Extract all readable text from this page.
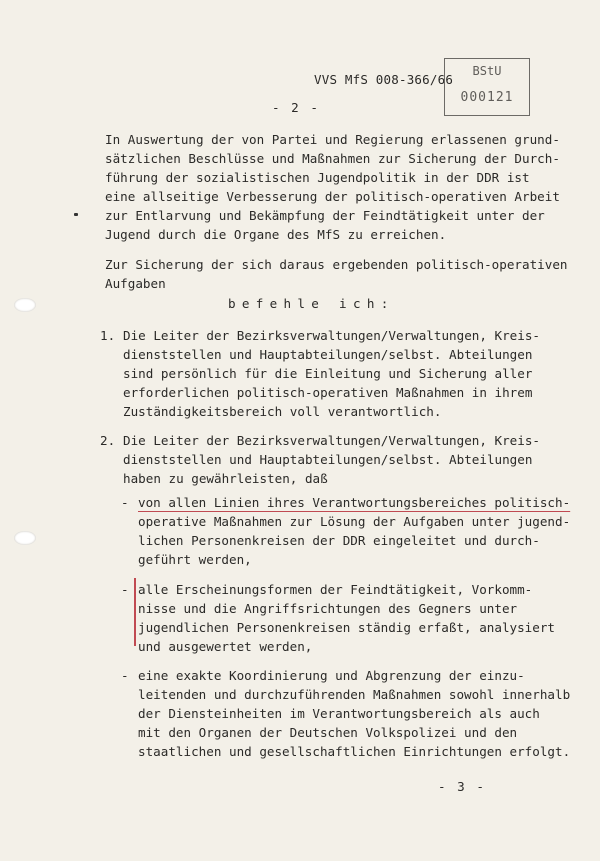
VVS MfS 008-366/66
BStU
000121
- 2 -
In Auswertung der von Partei und Regierung erlassenen grund-
sätzlichen Beschlüsse und Maßnahmen zur Sicherung der Durch-
führung der sozialistischen Jugendpolitik in der DDR ist
eine allseitige Verbesserung der politisch-operativen Arbeit
zur Entlarvung und Bekämpfung der Feindtätigkeit unter der
Jugend durch die Organe des MfS zu erreichen.
Zur Sicherung der sich daraus ergebenden politisch-operativen
Aufgaben
befehle ich:
1. Die Leiter der Bezirksverwaltungen/Verwaltungen, Kreis-
dienststellen und Hauptabteilungen/selbst. Abteilungen
sind persönlich für die Einleitung und Sicherung aller
erforderlichen politisch-operativen Maßnahmen in ihrem
Zuständigkeitsbereich voll verantwortlich.
2. Die Leiter der Bezirksverwaltungen/Verwaltungen, Kreis-
dienststellen und Hauptabteilungen/selbst. Abteilungen
haben zu gewährleisten, daß
- von allen Linien ihres Verantwortungsbereiches politisch-
operative Maßnahmen zur Lösung der Aufgaben unter jugend-
lichen Personenkreisen der DDR eingeleitet und durch-
geführt werden,
- alle Erscheinungsformen der Feindtätigkeit, Vorkomm-
nisse und die Angriffsrichtungen des Gegners unter
jugendlichen Personenkreisen ständig erfaßt, analysiert
und ausgewertet werden,
- eine exakte Koordinierung und Abgrenzung der einzu-
leitenden und durchzuführenden Maßnahmen sowohl innerhalb
der Diensteinheiten im Verantwortungsbereich als auch
mit den Organen der Deutschen Volkspolizei und den
staatlichen und gesellschaftlichen Einrichtungen erfolgt.
- 3 -
